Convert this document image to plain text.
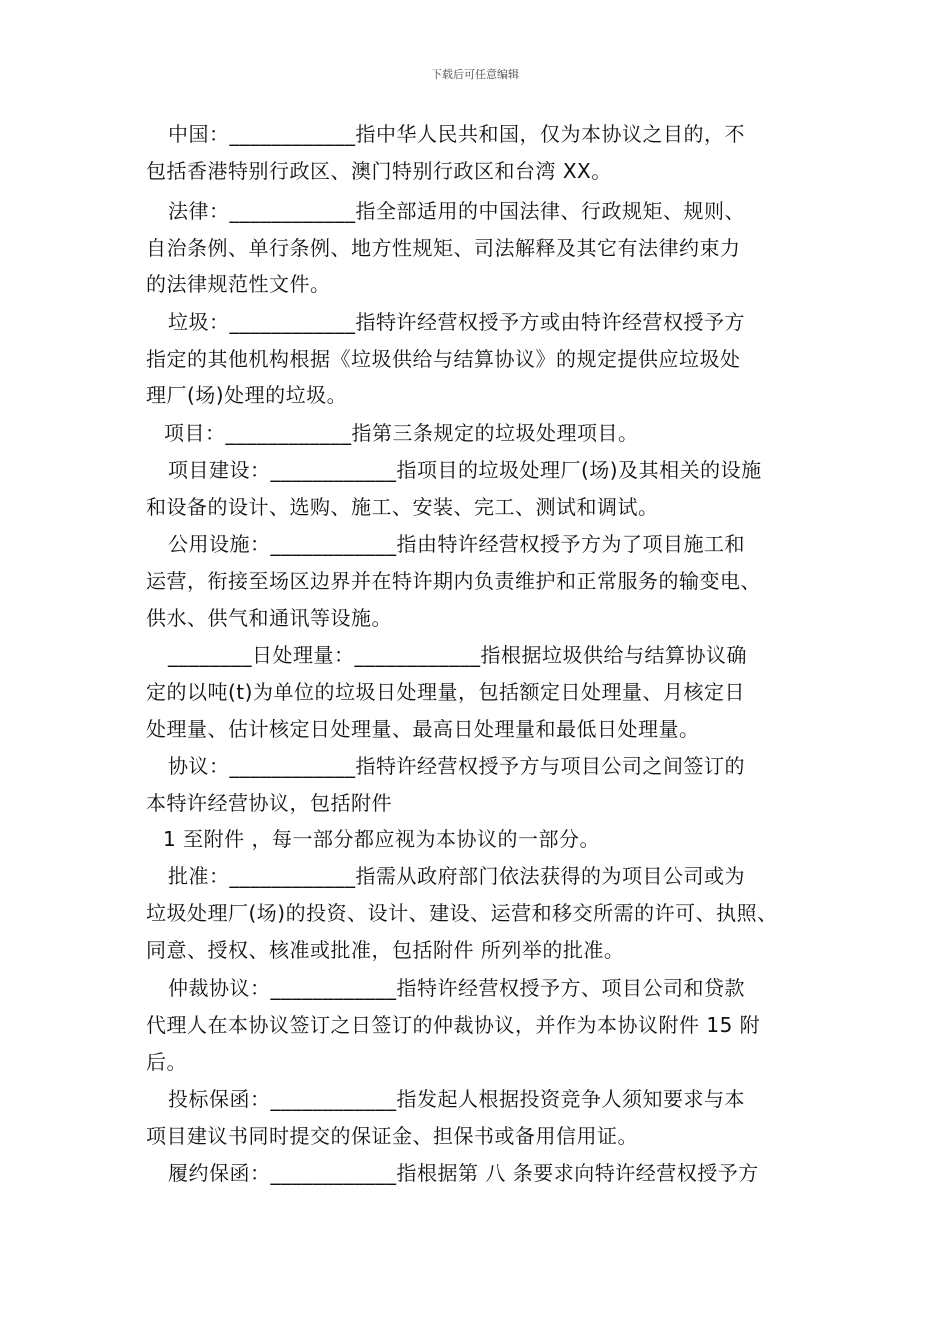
下载后可任意编辑
中国：____________指中华人民共和国，仅为本协议之目的，不
包括香港特别行政区、澳门特别行政区和台湾 XX。
法律：____________指全部适用的中国法律、行政规矩、规则、
自治条例、单行条例、地方性规矩、司法解释及其它有法律约束力
的法律规范性文件。
垃圾：____________指特许经营权授予方或由特许经营权授予方
指定的其他机构根据《垃圾供给与结算协议》的规定提供应垃圾处
理厂(场)处理的垃圾。
项目：____________指第三条规定的垃圾处理项目。
项目建设：____________指项目的垃圾处理厂(场)及其相关的设施
和设备的设计、选购、施工、安装、完工、测试和调试。
公用设施：____________指由特许经营权授予方为了项目施工和
运营，衔接至场区边界并在特许期内负责维护和正常服务的输变电、
供水、供气和通讯等设施。
________日处理量：____________指根据垃圾供给与结算协议确
定的以吨(t)为单位的垃圾日处理量，包括额定日处理量、月核定日
处理量、估计核定日处理量、最高日处理量和最低日处理量。
协议：____________指特许经营权授予方与项目公司之间签订的
本特许经营协议，包括附件
1 至附件 ，每一部分都应视为本协议的一部分。
批准：____________指需从政府部门依法获得的为项目公司或为
垃圾处理厂(场)的投资、设计、建设、运营和移交所需的许可、执照、
同意、授权、核准或批准，包括附件 所列举的批准。
仲裁协议：____________指特许经营权授予方、项目公司和贷款
代理人在本协议签订之日签订的仲裁协议，并作为本协议附件 15 附
后。
投标保函：____________指发起人根据投资竞争人须知要求与本
项目建议书同时提交的保证金、担保书或备用信用证。
履约保函：____________指根据第 八 条要求向特许经营权授予方
